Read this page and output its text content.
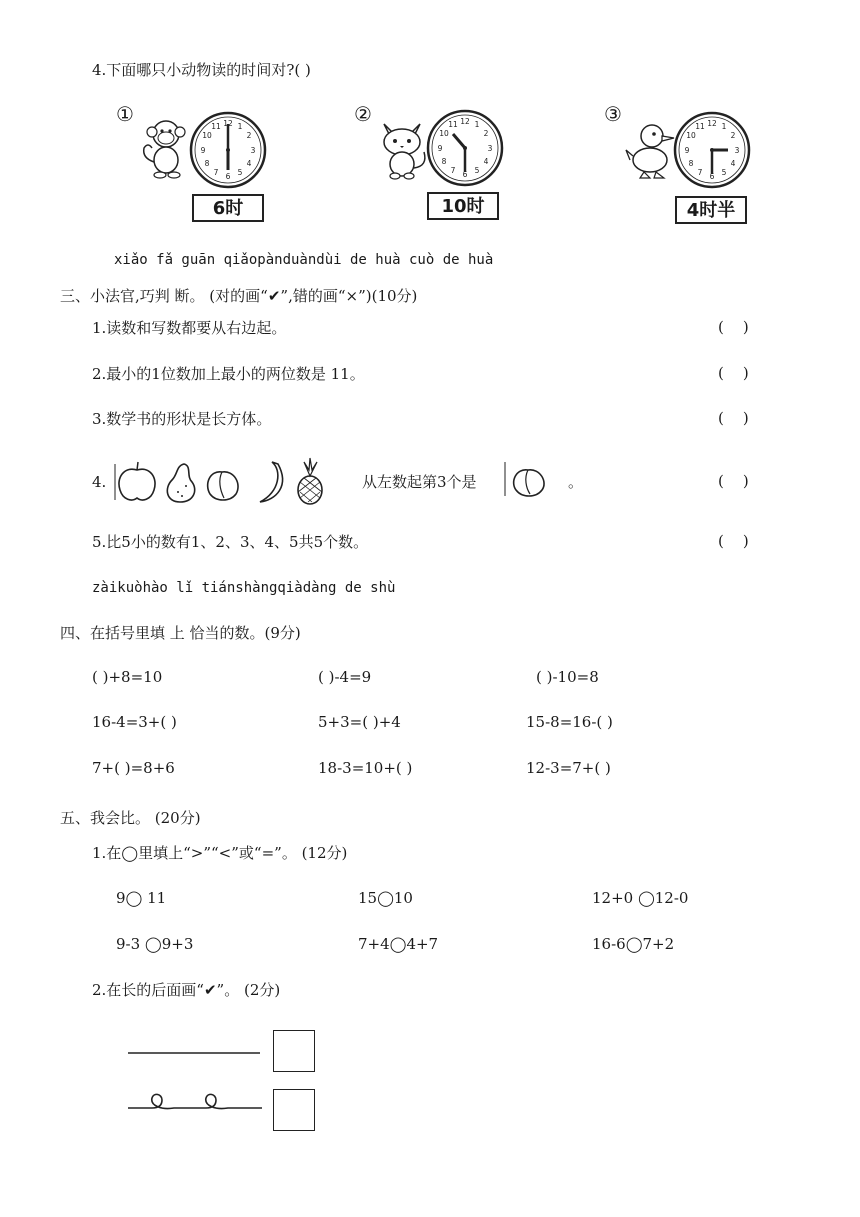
4.下面哪只小动物读的时间对?( )
①	12 1
2
3
4
5
6
7
8
9
10
11
6时
②	12 1
2
3
4
5
6
7
8
9
10
11
10时
③	12 1
2
3
4
5
6
7
8
9
10
11
4时半
xiǎo fǎ guān qiǎopànduàndùi de huà cuò de huà
三、小法官,巧判 断。 (对的画“✔”,错的画“×”)(10分)
1.读数和写数都要从右边起。	(    )
2.最小的1位数加上最小的两位数是 11。	(    )
3.数学书的形状是长方体。	(    )
4.	从左数起第3个是	。	(    )
5.比5小的数有1、2、3、4、5共5个数。	(    )
zàikuòhào lǐ tiánshàngqiàdàng de shù
四、在括号里填 上 恰当的数。(9分)
( )+8=10	( )-4=9	( )-10=8
16-4=3+( )	5+3=( )+4	15-8=16-( )
7+( )=8+6	18-3=10+( )	12-3=7+( )
五、我会比。 (20分)
1.在◯里填上“>”“<”或“=”。 (12分)
9◯ 11	15◯10	12+0 ◯12-0
9-3 ◯9+3	7+4◯4+7	16-6◯7+2
2.在长的后面画“✔”。 (2分)
